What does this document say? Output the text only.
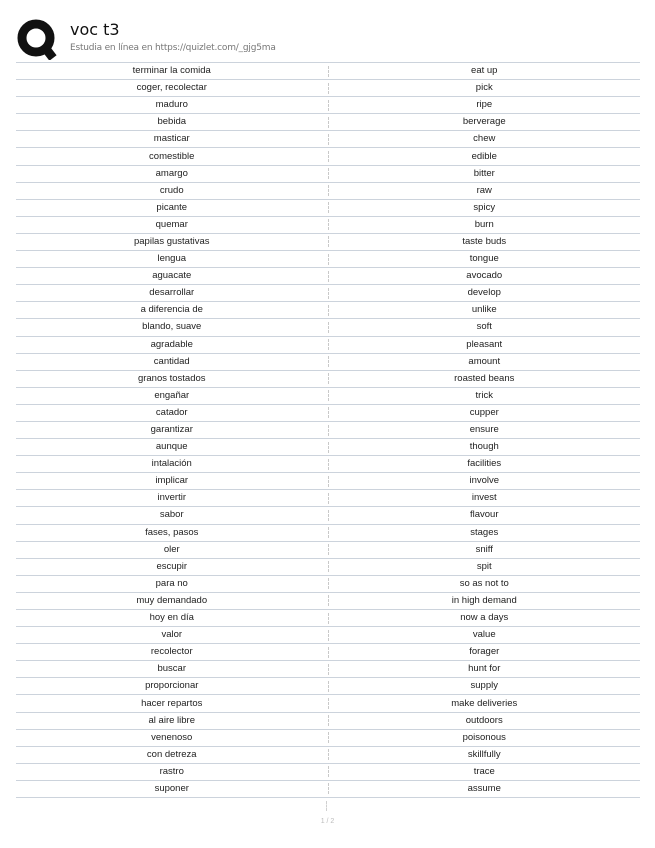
voc t3
Estudia en línea en https://quizlet.com/_gjg5ma
terminar la comida	eat up
coger, recolectar	pick
maduro	ripe
bebida	berverage
masticar	chew
comestible	edible
amargo	bitter
crudo	raw
picante	spicy
quemar	burn
papilas gustativas	taste buds
lengua	tongue
aguacate	avocado
desarrollar	develop
a diferencia de	unlike
blando, suave	soft
agradable	pleasant
cantidad	amount
granos tostados	roasted beans
engañar	trick
catador	cupper
garantizar	ensure
aunque	though
intalación	facilities
implicar	involve
invertir	invest
sabor	flavour
fases, pasos	stages
oler	sniff
escupir	spit
para no	so as not to
muy demandado	in high demand
hoy en día	now a days
valor	value
recolector	forager
buscar	hunt for
proporcionar	supply
hacer repartos	make deliveries
al aire libre	outdoors
venenoso	poisonous
con detreza	skillfully
rastro	trace
suponer	assume
1 / 2
